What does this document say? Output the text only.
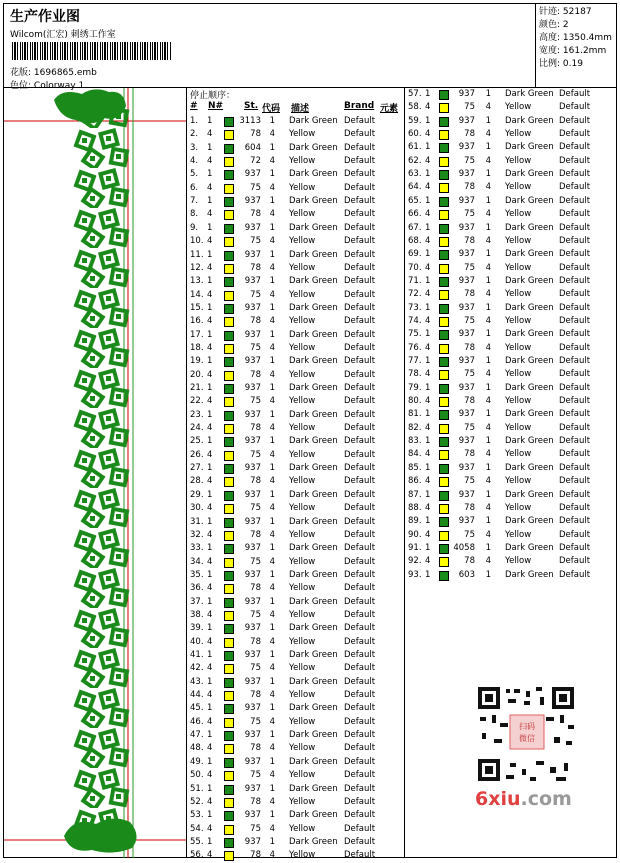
生产作业图
Wilcom(汇宏) 刺绣工作室
花版: 1696865.emb
色位: Colorway 1
针迹: 52187
颜色: 2
高度: 1350.4mm
宽度: 161.2mm
比例: 0.19
停止顺序：
# N# St. 代码 描述	Brand 元素
1. 1	3113	1 Dark Green Default
2. 4	78	4 Yellow	Default
3. 1	604	1 Dark Green Default
4. 4	72	4 Yellow	Default
5. 1	937	1 Dark Green Default
6. 4	75	4 Yellow	Default
7. 1	937	1 Dark Green Default
8. 4	78	4 Yellow	Default
9. 1	937	1 Dark Green Default
10. 4	75	4 Yellow	Default
11. 1	937	1 Dark Green Default
12. 4	78	4 Yellow	Default
13. 1	937	1 Dark Green Default
14. 4	75	4 Yellow	Default
15. 1	937	1 Dark Green Default
16. 4	78	4 Yellow	Default
17. 1	937	1 Dark Green Default
18. 4	75	4 Yellow	Default
19. 1	937	1 Dark Green Default
20. 4	78	4 Yellow	Default
21. 1	937	1 Dark Green Default
22. 4	75	4 Yellow	Default
23. 1	937	1 Dark Green Default
24. 4	78	4 Yellow	Default
25. 1	937	1 Dark Green Default
26. 4	75	4 Yellow	Default
27. 1	937	1 Dark Green Default
28. 4	78	4 Yellow	Default
29. 1	937	1 Dark Green Default
30. 4	75	4 Yellow	Default
31. 1	937	1 Dark Green Default
32. 4	78	4 Yellow	Default
33. 1	937	1 Dark Green Default
34. 4	75	4 Yellow	Default
35. 1	937	1 Dark Green Default
36. 4	78	4 Yellow	Default
37. 1	937	1 Dark Green Default
38. 4	75	4 Yellow	Default
39. 1	937	1 Dark Green Default
40. 4	78	4 Yellow	Default
41. 1	937	1 Dark Green Default
42. 4	75	4 Yellow	Default
43. 1	937	1 Dark Green Default
44. 4	78	4 Yellow	Default
45. 1	937	1 Dark Green Default
46. 4	75	4 Yellow	Default
47. 1	937	1 Dark Green Default
48. 4	78	4 Yellow	Default
49. 1	937	1 Dark Green Default
50. 4	75	4 Yellow	Default
51. 1	937	1 Dark Green Default
52. 4	78	4 Yellow	Default
53. 1	937	1 Dark Green Default
54. 4	75	4 Yellow	Default
55. 1	937	1 Dark Green Default
56. 4	78	4 Yellow	Default
57. 1	937	1 Dark Green Default
58. 4	75	4 Yellow	Default
59. 1	937	1 Dark Green Default
60. 4	78	4 Yellow	Default
61. 1	937	1 Dark Green Default
62. 4	75	4 Yellow	Default
63. 1	937	1 Dark Green Default
64. 4	78	4 Yellow	Default
65. 1	937	1 Dark Green Default
66. 4	75	4 Yellow	Default
67. 1	937	1 Dark Green Default
68. 4	78	4 Yellow	Default
69. 1	937	1 Dark Green Default
70. 4	75	4 Yellow	Default
71. 1	937	1 Dark Green Default
72. 4	78	4 Yellow	Default
73. 1	937	1 Dark Green Default
74. 4	75	4 Yellow	Default
75. 1	937	1 Dark Green Default
76. 4	78	4 Yellow	Default
77. 1	937	1 Dark Green Default
78. 4	75	4 Yellow	Default
79. 1	937	1 Dark Green Default
80. 4	78	4 Yellow	Default
81. 1	937	1 Dark Green Default
82. 4	75	4 Yellow	Default
83. 1	937	1 Dark Green Default
84. 4	78	4 Yellow	Default
85. 1	937	1 Dark Green Default
86. 4	75	4 Yellow	Default
87. 1	937	1 Dark Green Default
88. 4	78	4 Yellow	Default
89. 1	937	1 Dark Green Default
90. 4	75	4 Yellow	Default
91. 1	4058	1 Dark Green Default
92. 4	78	4 Yellow	Default
93. 1	603	1 Dark Green Default
扫码
微信
6xiu.com
